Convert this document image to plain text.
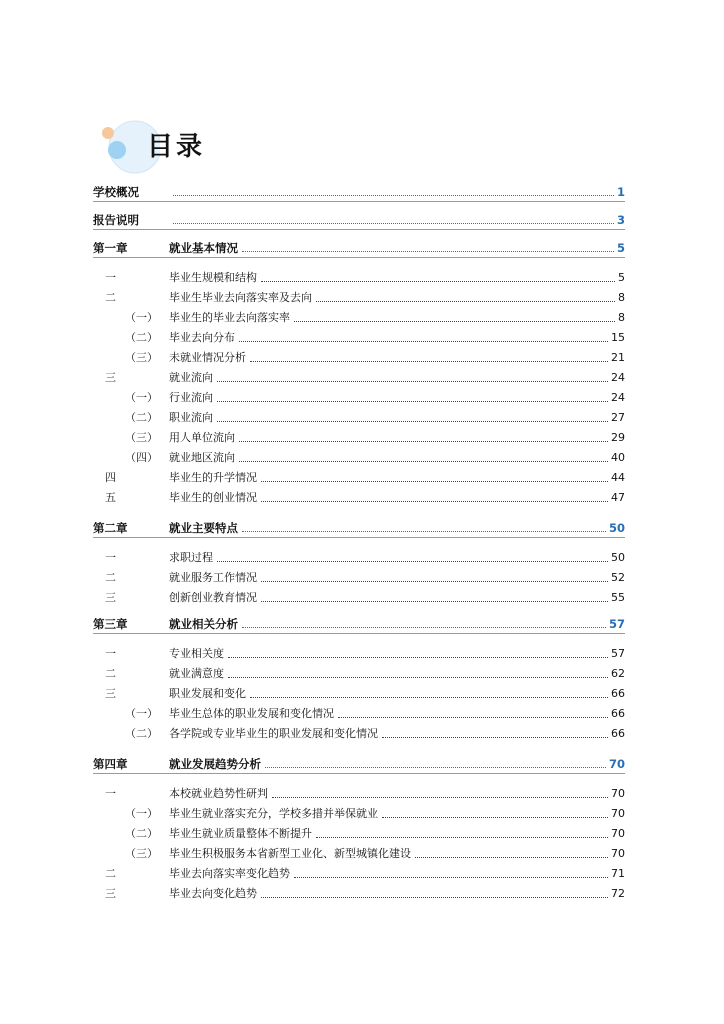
目录
学校概况	1
报告说明	3
第一章	就业基本情况	5
一	毕业生规模和结构	5
二	毕业生毕业去向落实率及去向	8
（一） 毕业生的毕业去向落实率	8
（二） 毕业去向分布	15
（三） 未就业情况分析	21
三	就业流向	24
（一） 行业流向	24
（二） 职业流向	27
（三） 用人单位流向	29
（四） 就业地区流向	40
四	毕业生的升学情况	44
五	毕业生的创业情况	47
第二章	就业主要特点	50
一	求职过程	50
二	就业服务工作情况	52
三	创新创业教育情况	55
第三章	就业相关分析	57
一	专业相关度	57
二	就业满意度	62
三	职业发展和变化	66
（一） 毕业生总体的职业发展和变化情况	66
（二） 各学院或专业毕业生的职业发展和变化情况	66
第四章	就业发展趋势分析	70
一	本校就业趋势性研判	70
（一） 毕业生就业落实充分，学校多措并举保就业	70
（二） 毕业生就业质量整体不断提升	70
（三） 毕业生积极服务本省新型工业化、新型城镇化建设	70
二	毕业去向落实率变化趋势	71
三	毕业去向变化趋势	72
